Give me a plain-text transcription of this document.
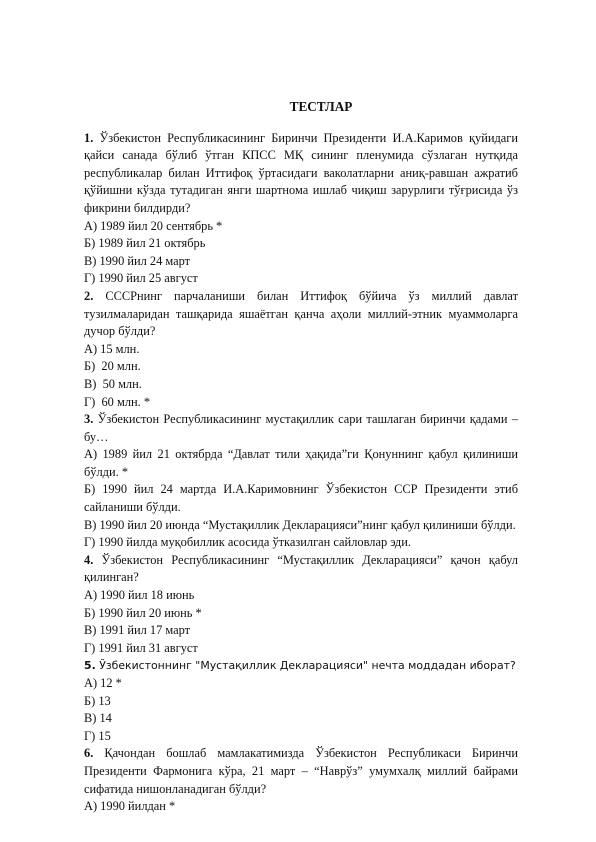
ТЕСТЛАР
1. Ўзбекистон Республикасининг Биринчи Президенти И.А.Каримов қуйидаги қайси санада бўлиб ўтган КПСС МҚ сининг пленумида сўзлаган нутқида республикалар билан Иттифоқ ўртасидаги ваколатларни аниқ-равшан ажратиб қўйишни кўзда тутадиган янги шартнома ишлаб чиқиш зарурлиги тўғрисида ўз фикрини билдирди?
А) 1989 йил 20 сентябрь *
Б) 1989 йил 21 октябрь
В) 1990 йил 24 март
Г) 1990 йил 25 август
2. СССРнинг парчаланиши билан Иттифоқ бўйича ўз миллий давлат тузилмаларидан ташқарида яшаётган қанча аҳоли миллий-этник муаммоларга дучор бўлди?
А) 15 млн.
Б)  20 млн.
В)  50 млн.
Г)  60 млн. *
3. Ўзбекистон Республикасининг мустақиллик сари ташлаган биринчи қадами – бу…
А) 1989 йил 21 октябрда “Давлат тили ҳақида”ги Қонуннинг қабул қилиниши бўлди. *
Б) 1990 йил 24 мартда И.А.Каримовнинг Ўзбекистон ССР Президенти этиб сайланиши бўлди.
В) 1990 йил 20 июнда “Мустақиллик Декларацияси”нинг қабул қилиниши бўлди.
Г) 1990 йилда муқобиллик асосида ўтказилган сайловлар эди.
4. Ўзбекистон Республикасининг “Мустақиллик Декларацияси” қачон қабул қилинган?
А) 1990 йил 18 июнь
Б) 1990 йил 20 июнь *
В) 1991 йил 17 март
Г) 1991 йил 31 август
5. Ўзбекистоннинг "Мустақиллик Декларацияси" нечта моддадан иборат?
А) 12 *
Б) 13
В) 14
Г) 15
6. Қачондан бошлаб мамлакатимизда Ўзбекистон Республикаси Биринчи Президенти Фармонига кўра, 21 март – “Наврўз” умумхалқ миллий байрами сифатида нишонланадиган бўлди?
А) 1990 йилдан *
